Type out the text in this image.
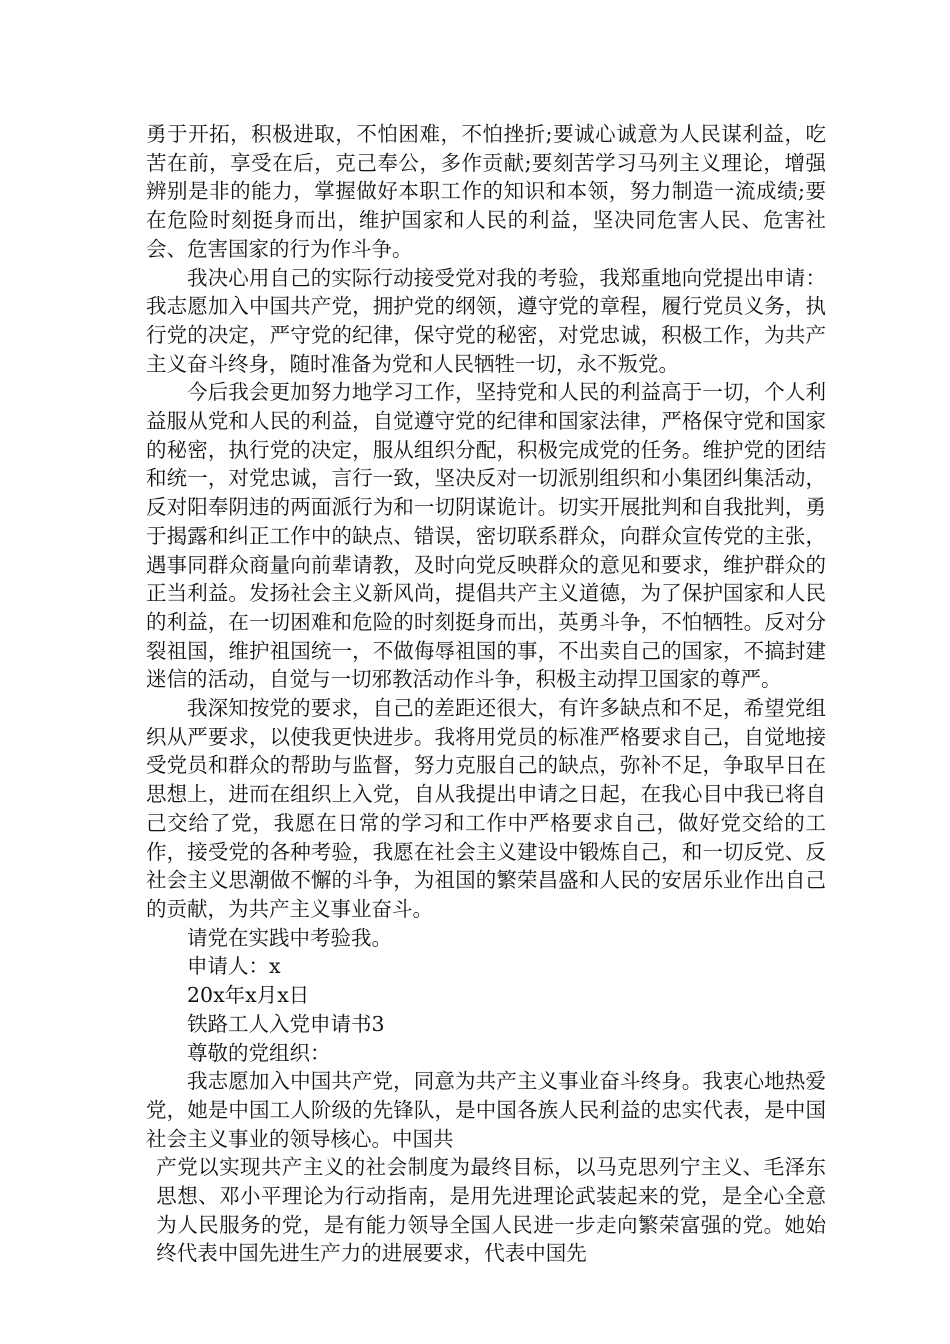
勇于开拓，积极进取，不怕困难，不怕挫折;要诚心诚意为人民谋利益，吃苦在前，享受在后，克己奉公，多作贡献;要刻苦学习马列主义理论，增强辨别是非的能力，掌握做好本职工作的知识和本领，努力制造一流成绩;要在危险时刻挺身而出，维护国家和人民的利益，坚决同危害人民、危害社会、危害国家的行为作斗争。

我决心用自己的实际行动接受党对我的考验，我郑重地向党提出申请：我志愿加入中国共产党，拥护党的纲领，遵守党的章程，履行党员义务，执行党的决定，严守党的纪律，保守党的秘密，对党忠诚，积极工作，为共产主义奋斗终身，随时准备为党和人民牺牲一切，永不叛党。

今后我会更加努力地学习工作，坚持党和人民的利益高于一切，个人利益服从党和人民的利益，自觉遵守党的纪律和国家法律，严格保守党和国家的秘密，执行党的决定，服从组织分配，积极完成党的任务。维护党的团结和统一，对党忠诚，言行一致，坚决反对一切派别组织和小集团纠集活动，反对阳奉阴违的两面派行为和一切阴谋诡计。切实开展批判和自我批判，勇于揭露和纠正工作中的缺点、错误，密切联系群众，向群众宣传党的主张，遇事同群众商量向前辈请教，及时向党反映群众的意见和要求，维护群众的正当利益。发扬社会主义新风尚，提倡共产主义道德，为了保护国家和人民的利益，在一切困难和危险的时刻挺身而出，英勇斗争，不怕牺牲。反对分裂祖国，维护祖国统一，不做侮辱祖国的事，不出卖自己的国家，不搞封建迷信的活动，自觉与一切邪教活动作斗争，积极主动捍卫国家的尊严。

我深知按党的要求，自己的差距还很大，有许多缺点和不足，希望党组织从严要求，以使我更快进步。我将用党员的标准严格要求自己，自觉地接受党员和群众的帮助与监督，努力克服自己的缺点，弥补不足，争取早日在思想上，进而在组织上入党，自从我提出申请之日起，在我心目中我已将自己交给了党，我愿在日常的学习和工作中严格要求自己，做好党交给的工作，接受党的各种考验，我愿在社会主义建设中锻炼自己，和一切反党、反社会主义思潮做不懈的斗争，为祖国的繁荣昌盛和人民的安居乐业作出自己的贡献，为共产主义事业奋斗。

请党在实践中考验我。

申请人：x

20x年x月x日

铁路工人入党申请书3

尊敬的党组织：

我志愿加入中国共产党，同意为共产主义事业奋斗终身。我衷心地热爱党，她是中国工人阶级的先锋队，是中国各族人民利益的忠实代表，是中国社会主义事业的领导核心。中国共

产党以实现共产主义的社会制度为最终目标，以马克思列宁主义、毛泽东思想、邓小平理论为行动指南，是用先进理论武装起来的党，是全心全意为人民服务的党，是有能力领导全国人民进一步走向繁荣富强的党。她始终代表中国先进生产力的进展要求，代表中国先
